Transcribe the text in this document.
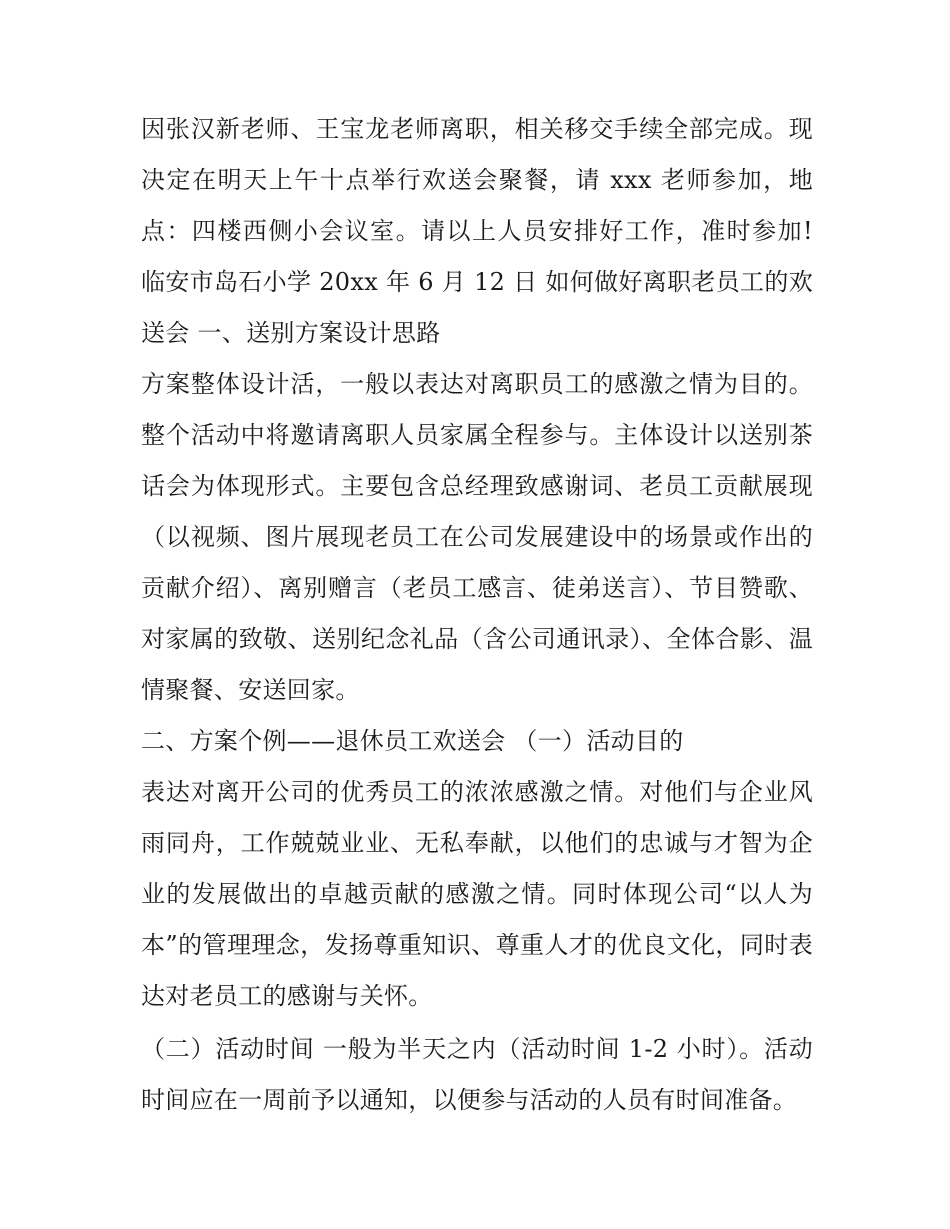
因张汉新老师、王宝龙老师离职，相关移交手续全部完成。现决定在明天上午十点举行欢送会聚餐，请 xxx 老师参加，地点：四楼西侧小会议室。请以上人员安排好工作，准时参加! 临安市岛石小学 20xx 年 6 月 12 日 如何做好离职老员工的欢送会 一、送别方案设计思路

方案整体设计活，一般以表达对离职员工的感激之情为目的。整个活动中将邀请离职人员家属全程参与。主体设计以送别茶话会为体现形式。主要包含总经理致感谢词、老员工贡献展现（以视频、图片展现老员工在公司发展建设中的场景或作出的贡献介绍）、离别赠言（老员工感言、徒弟送言）、节目赞歌、对家属的致敬、送别纪念礼品（含公司通讯录）、全体合影、温情聚餐、安送回家。

二、方案个例——退休员工欢送会 （一）活动目的

表达对离开公司的优秀员工的浓浓感激之情。对他们与企业风雨同舟，工作兢兢业业、无私奉献，以他们的忠诚与才智为企业的发展做出的卓越贡献的感激之情。同时体现公司“以人为本”的管理理念，发扬尊重知识、尊重人才的优良文化，同时表达对老员工的感谢与关怀。

（二）活动时间 一般为半天之内（活动时间 1-2 小时）。活动时间应在一周前予以通知，以便参与活动的人员有时间准备。
